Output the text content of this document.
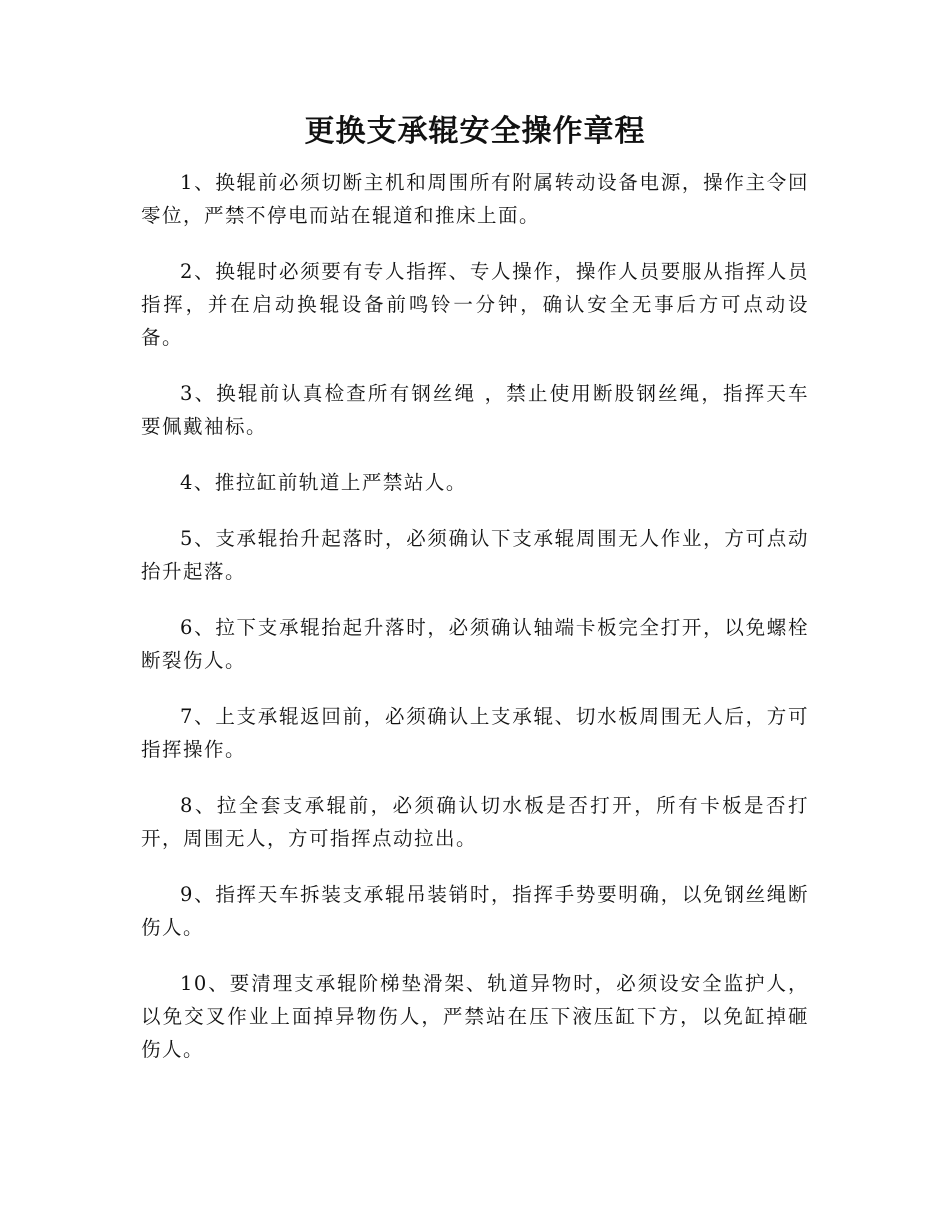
更换支承辊安全操作章程

1、换辊前必须切断主机和周围所有附属转动设备电源，操作主令回零位，严禁不停电而站在辊道和推床上面。

2、换辊时必须要有专人指挥、专人操作，操作人员要服从指挥人员指挥，并在启动换辊设备前鸣铃一分钟，确认安全无事后方可点动设备。

3、换辊前认真检查所有钢丝绳 ，禁止使用断股钢丝绳，指挥天车要佩戴袖标。

4、推拉缸前轨道上严禁站人。

5、支承辊抬升起落时，必须确认下支承辊周围无人作业，方可点动抬升起落。

6、拉下支承辊抬起升落时，必须确认轴端卡板完全打开，以免螺栓断裂伤人。

7、上支承辊返回前，必须确认上支承辊、切水板周围无人后，方可指挥操作。

8、拉全套支承辊前，必须确认切水板是否打开，所有卡板是否打开，周围无人，方可指挥点动拉出。

9、指挥天车拆装支承辊吊装销时，指挥手势要明确，以免钢丝绳断伤人。

10、要清理支承辊阶梯垫滑架、轨道异物时，必须设安全监护人，以免交叉作业上面掉异物伤人，严禁站在压下液压缸下方，以免缸掉砸伤人。
